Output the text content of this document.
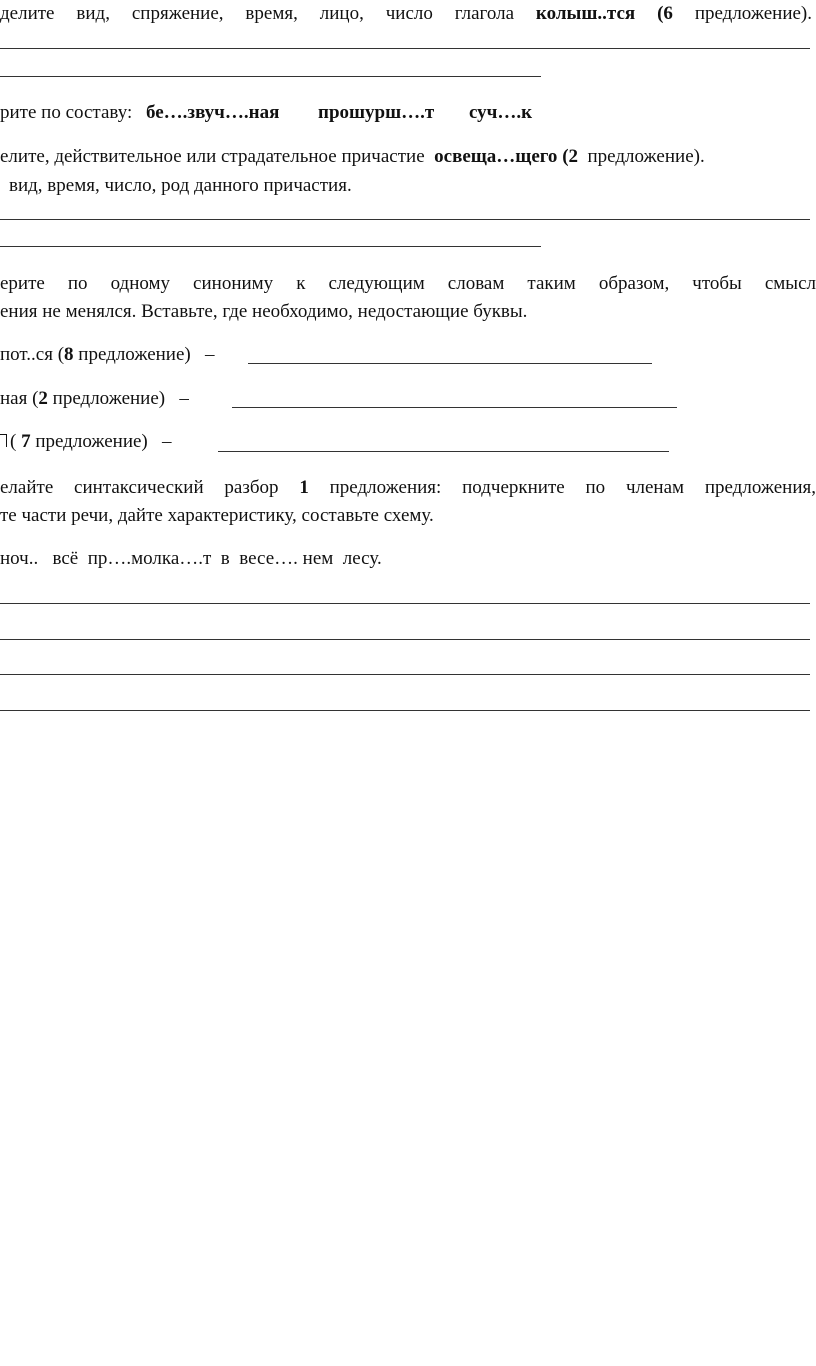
делите вид, спряжение, время, лицо, число глагола колыш..тся (6 предложение).
рите по составу: бе….звуч….ная прошурш….т суч….к
елите, действительное или страдательное причастие освеща…щего (2 предложение).
вид, время, число, род данного причастия.
ерите по одному синониму к следующим словам таким образом, чтобы смысл
ения не менялся. Вставьте, где необходимо, недостающие буквы.
пот..ся (8 предложение) –
ная (2 предложение) –
( 7 предложение) –
елайте синтаксический разбор 1 предложения: подчеркните по членам предложения,
те части речи, дайте характеристику, составьте схему.
ноч..   всё  пр….молка….т  в  весе…. нем  лесу.
